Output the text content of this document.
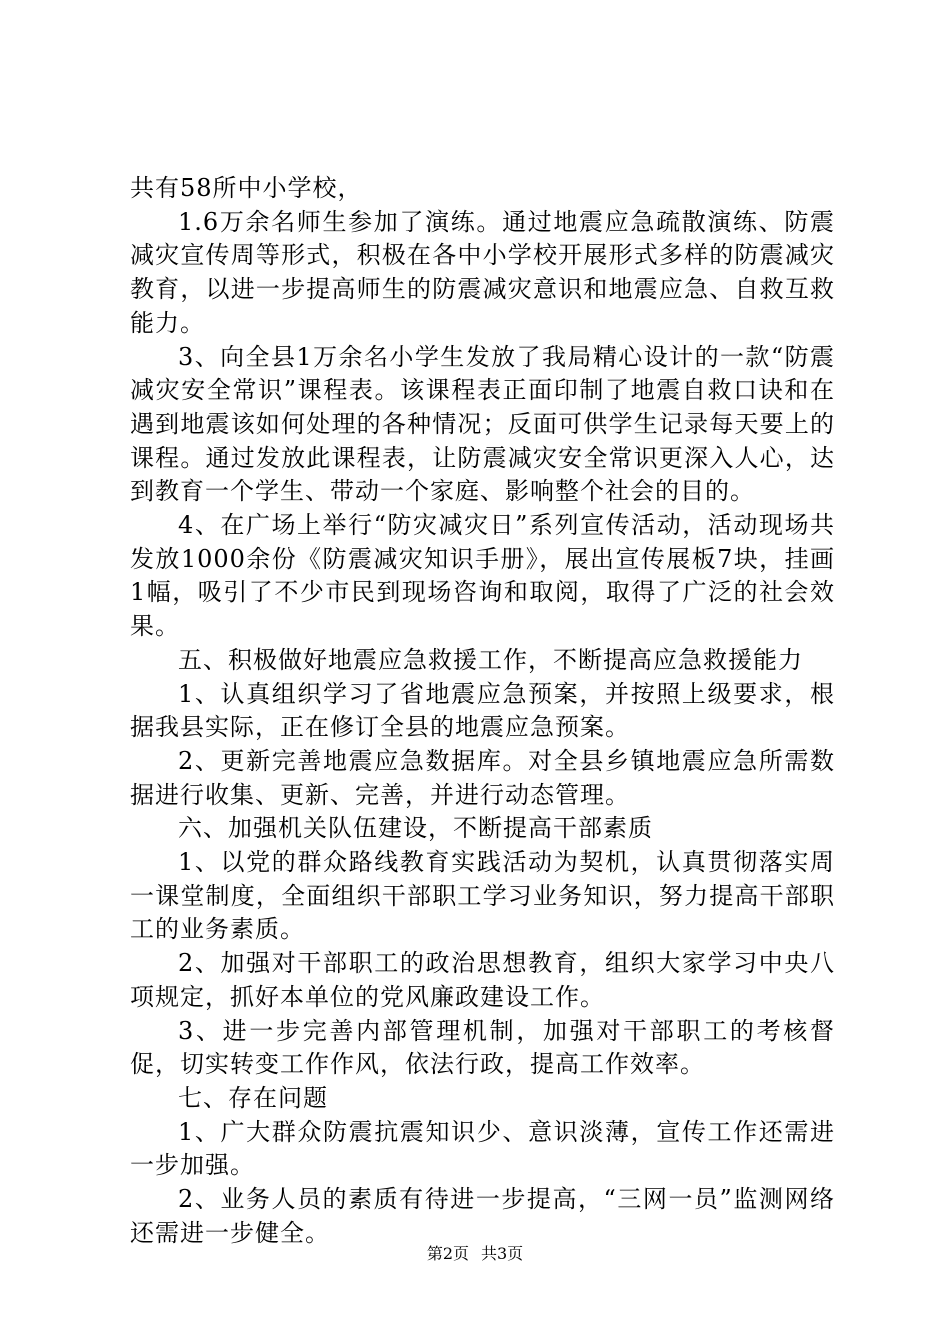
共有58所中小学校，

1.6万余名师生参加了演练。通过地震应急疏散演练、防震减灾宣传周等形式，积极在各中小学校开展形式多样的防震减灾教育，以进一步提高师生的防震减灾意识和地震应急、自救互救能力。

3、向全县1万余名小学生发放了我局精心设计的一款“防震减灾安全常识”课程表。该课程表正面印制了地震自救口诀和在遇到地震该如何处理的各种情况；反面可供学生记录每天要上的课程。通过发放此课程表，让防震减灾安全常识更深入人心，达到教育一个学生、带动一个家庭、影响整个社会的目的。

4、在广场上举行“防灾减灾日”系列宣传活动，活动现场共发放1000余份《防震减灾知识手册》，展出宣传展板7块，挂画1幅，吸引了不少市民到现场咨询和取阅，取得了广泛的社会效果。

五、积极做好地震应急救援工作，不断提高应急救援能力

1、认真组织学习了省地震应急预案，并按照上级要求，根据我县实际，正在修订全县的地震应急预案。

2、更新完善地震应急数据库。对全县乡镇地震应急所需数据进行收集、更新、完善，并进行动态管理。

六、加强机关队伍建设，不断提高干部素质

1、以党的群众路线教育实践活动为契机，认真贯彻落实周一课堂制度，全面组织干部职工学习业务知识，努力提高干部职工的业务素质。

2、加强对干部职工的政治思想教育，组织大家学习中央八项规定，抓好本单位的党风廉政建设工作。

3、进一步完善内部管理机制，加强对干部职工的考核督促，切实转变工作作风，依法行政，提高工作效率。

七、存在问题

1、广大群众防震抗震知识少、意识淡薄，宣传工作还需进一步加强。

2、业务人员的素质有待进一步提高，“三网一员”监测网络还需进一步健全。

第2页 共3页
